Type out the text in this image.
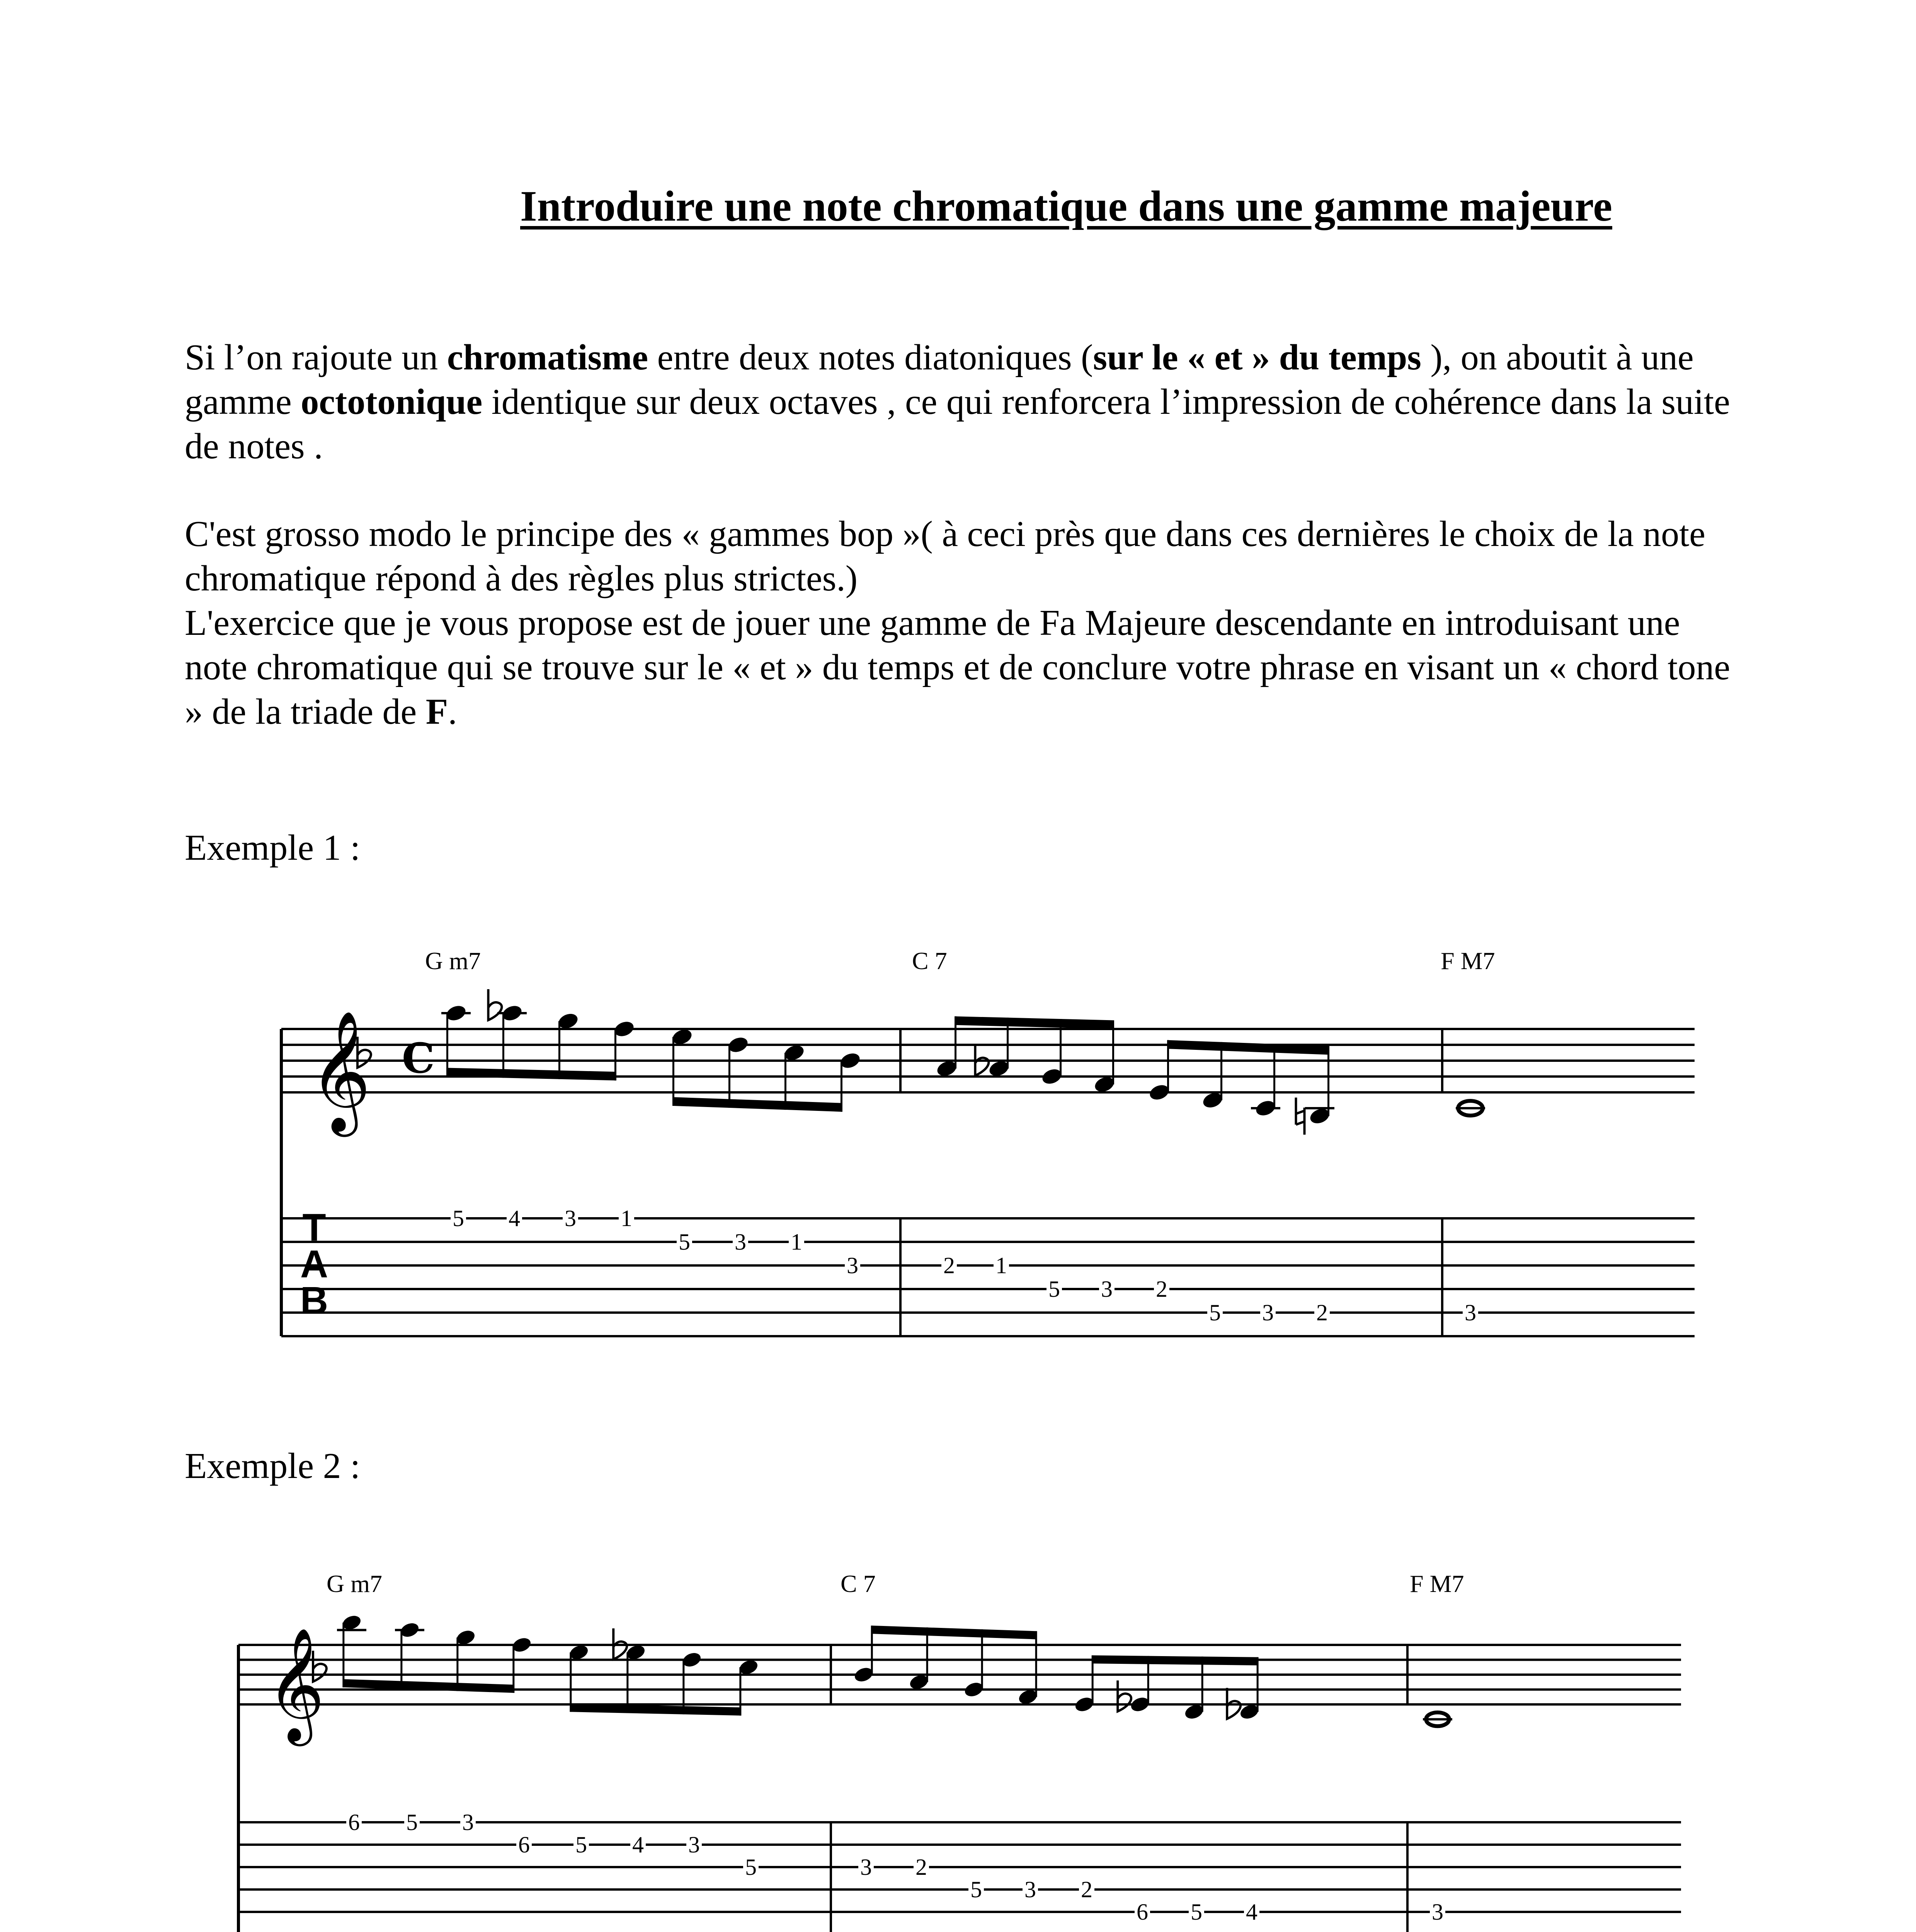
Introduire une note chromatique dans une gamme majeure

Si l’on rajoute un chromatisme entre deux notes diatoniques (sur le « et » du temps ), on aboutit à une gamme octotonique identique sur deux octaves , ce qui renforcera l’impression de cohérence dans la suite de notes .

C'est grosso modo le principe des « gammes bop »( à ceci près que dans ces dernières le choix de la note chromatique répond à des règles plus strictes.)

L'exercice que je vous propose est de jouer une gamme de Fa Majeure descendante en introduisant une note chromatique qui se trouve sur le « et » du temps et de conclure votre phrase en visant un « chord tone » de la triade de F.

Exemple 1 :
Exemple 2 :

𝄞 C
T
A
B
G m7	C 7	F M7
5 4 3 1
5 3 1
3	2 1
5 3 2
5 3 2	3
𝄞
G m7	C 7	F M7
6 5 3
6 5 4 3
5	3 2
5 3 2
6 5 4	3
